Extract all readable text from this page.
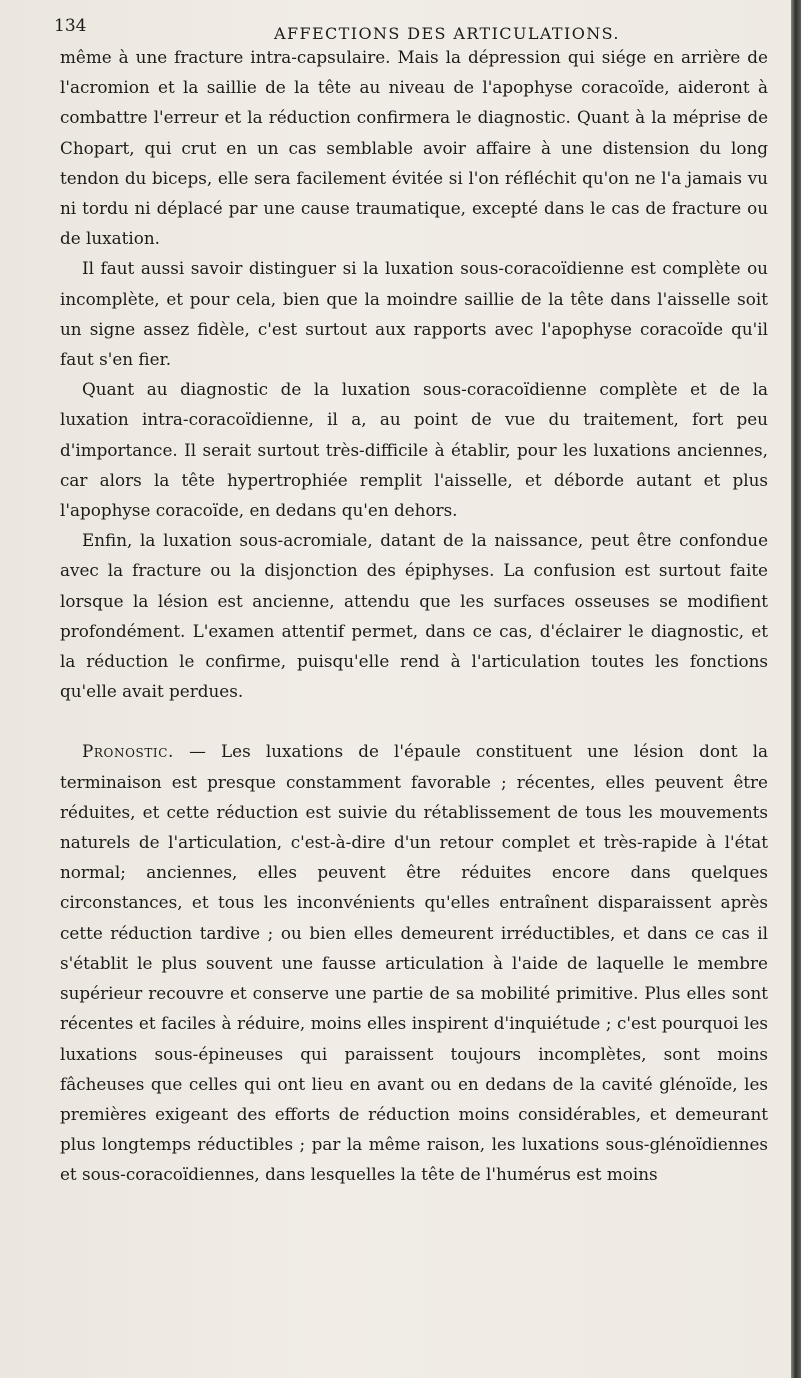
134	AFFECTIONS DES ARTICULATIONS.

même à une fracture intra-capsulaire. Mais la dépression qui siége en arrière de l'acromion et la saillie de la tête au niveau de l'apophyse coracoïde, aideront à combattre l'erreur et la réduction confirmera le diagnostic. Quant à la méprise de Chopart, qui crut en un cas semblable avoir affaire à une distension du long tendon du biceps, elle sera facilement évitée si l'on réfléchit qu'on ne l'a jamais vu ni tordu ni déplacé par une cause traumatique, excepté dans le cas de fracture ou de luxation.

Il faut aussi savoir distinguer si la luxation sous-coracoïdienne est complète ou incomplète, et pour cela, bien que la moindre saillie de la tête dans l'aisselle soit un signe assez fidèle, c'est surtout aux rapports avec l'apophyse coracoïde qu'il faut s'en fier.

Quant au diagnostic de la luxation sous-coracoïdienne complète et de la luxation intra-coracoïdienne, il a, au point de vue du traitement, fort peu d'importance. Il serait surtout très-difficile à établir, pour les luxations anciennes, car alors la tête hypertrophiée remplit l'aisselle, et déborde autant et plus l'apophyse coracoïde, en dedans qu'en dehors.

Enfin, la luxation sous-acromiale, datant de la naissance, peut être confondue avec la fracture ou la disjonction des épiphyses. La confusion est surtout faite lorsque la lésion est ancienne, attendu que les surfaces osseuses se modifient profondément. L'examen attentif permet, dans ce cas, d'éclairer le diagnostic, et la réduction le confirme, puisqu'elle rend à l'articulation toutes les fonctions qu'elle avait perdues.

Pronostic. — Les luxations de l'épaule constituent une lésion dont la terminaison est presque constamment favorable ; récentes, elles peuvent être réduites, et cette réduction est suivie du rétablissement de tous les mouvements naturels de l'articulation, c'est-à-dire d'un retour complet et très-rapide à l'état normal; anciennes, elles peuvent être réduites encore dans quelques circonstances, et tous les inconvénients qu'elles entraînent disparaissent après cette réduction tardive ; ou bien elles demeurent irréductibles, et dans ce cas il s'établit le plus souvent une fausse articulation à l'aide de laquelle le membre supérieur recouvre et conserve une partie de sa mobilité primitive. Plus elles sont récentes et faciles à réduire, moins elles inspirent d'inquiétude ; c'est pourquoi les luxations sous-épineuses qui paraissent toujours incomplètes, sont moins fâcheuses que celles qui ont lieu en avant ou en dedans de la cavité glénoïde, les premières exigeant des efforts de réduction moins considérables, et demeurant plus longtemps réductibles ; par la même raison, les luxations sous-glénoïdiennes et sous-coracoïdiennes, dans lesquelles la tête de l'humérus est moins
